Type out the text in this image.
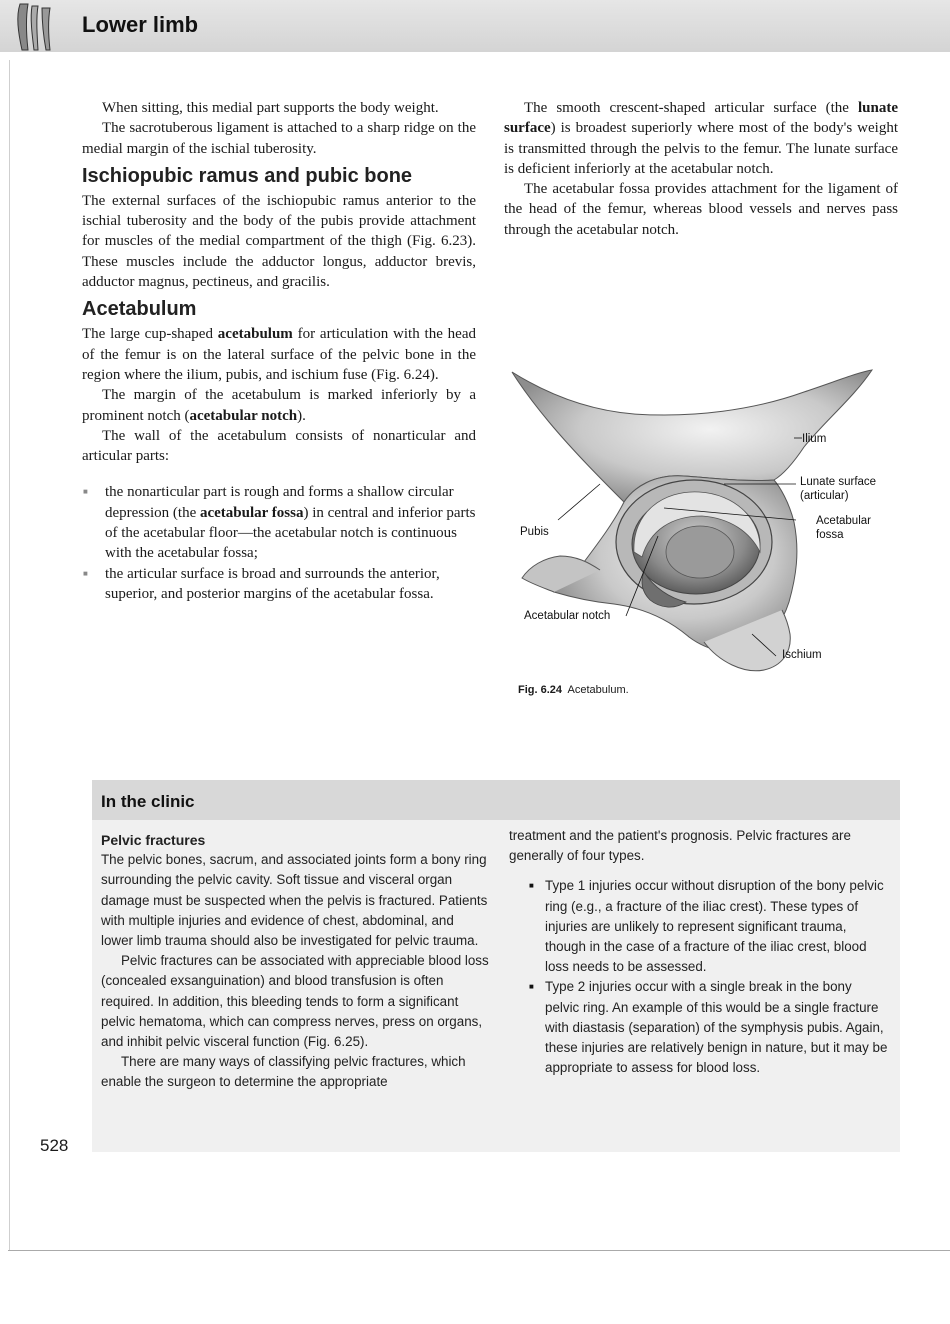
Lower limb

When sitting, this medial part supports the body weight.

The sacrotuberous ligament is attached to a sharp ridge on the medial margin of the ischial tuberosity.

Ischiopubic ramus and pubic bone

The external surfaces of the ischiopubic ramus anterior to the ischial tuberosity and the body of the pubis provide attachment for muscles of the medial compartment of the thigh (Fig. 6.23). These muscles include the adductor longus, adductor brevis, adductor magnus, pectineus, and gracilis.

Acetabulum

The large cup-shaped acetabulum for articulation with the head of the femur is on the lateral surface of the pelvic bone in the region where the ilium, pubis, and ischium fuse (Fig. 6.24).

The margin of the acetabulum is marked inferiorly by a prominent notch (acetabular notch).

The wall of the acetabulum consists of nonarticular and articular parts:

■ the nonarticular part is rough and forms a shallow circular depression (the acetabular fossa) in central and inferior parts of the acetabular floor—the acetabular notch is continuous with the acetabular fossa;
■ the articular surface is broad and surrounds the anterior, superior, and posterior margins of the acetabular fossa.

The smooth crescent-shaped articular surface (the lunate surface) is broadest superiorly where most of the body's weight is transmitted through the pelvis to the femur. The lunate surface is deficient inferiorly at the acetabular notch.

The acetabular fossa provides attachment for the ligament of the head of the femur, whereas blood vessels and nerves pass through the acetabular notch.

Ilium
Lunate surface
(articular)
Acetabular
fossa
Pubis
Acetabular notch
Ischium
Fig. 6.24 Acetabulum.
In the clinic
Pelvic fractures

The pelvic bones, sacrum, and associated joints form a bony ring surrounding the pelvic cavity. Soft tissue and visceral organ damage must be suspected when the pelvis is fractured. Patients with multiple injuries and evidence of chest, abdominal, and lower limb trauma should also be investigated for pelvic trauma.

Pelvic fractures can be associated with appreciable blood loss (concealed exsanguination) and blood transfusion is often required. In addition, this bleeding tends to form a significant pelvic hematoma, which can compress nerves, press on organs, and inhibit pelvic visceral function (Fig. 6.25).

There are many ways of classifying pelvic fractures, which enable the surgeon to determine the appropriate

treatment and the patient's prognosis. Pelvic fractures are generally of four types.

■ Type 1 injuries occur without disruption of the bony pelvic ring (e.g., a fracture of the iliac crest). These types of injuries are unlikely to represent significant trauma, though in the case of a fracture of the iliac crest, blood loss needs to be assessed.
■ Type 2 injuries occur with a single break in the bony pelvic ring. An example of this would be a single fracture with diastasis (separation) of the symphysis pubis. Again, these injuries are relatively benign in nature, but it may be appropriate to assess for blood loss.
528
